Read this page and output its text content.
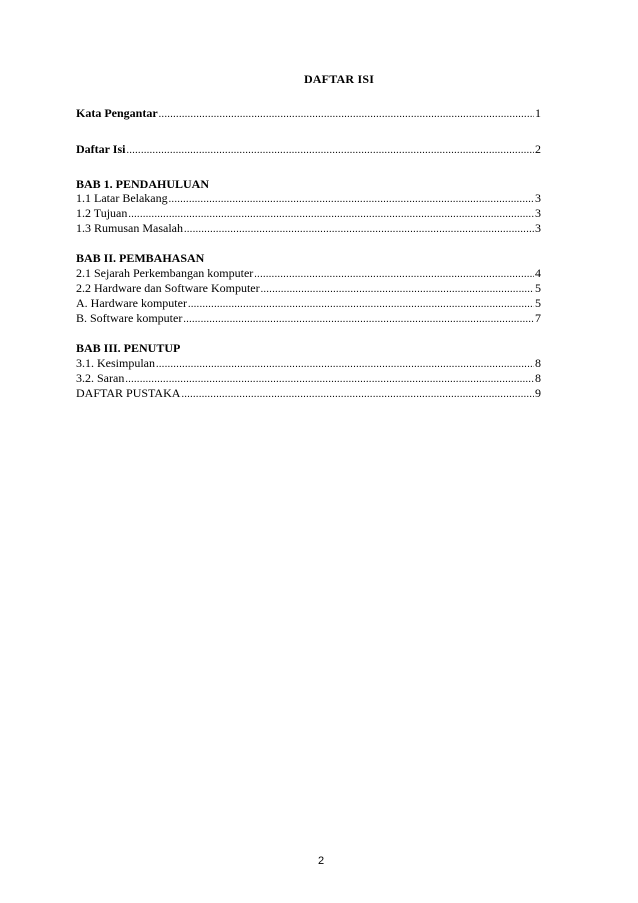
DAFTAR ISI
Kata Pengantar .....	1
Daftar Isi .....	2
BAB 1. PENDAHULUAN
1.1 Latar Belakang .....	3
1.2 Tujuan .....	3
1.3 Rumusan Masalah .....	3
BAB II. PEMBAHASAN
2.1 Sejarah Perkembangan komputer .....	4
2.2 Hardware dan Software Komputer .....	5
A. Hardware komputer .....	5
B. Software komputer .....	7
BAB III. PENUTUP
3.1. Kesimpulan .....	8
3.2. Saran .....	8
DAFTAR PUSTAKA .....	9
2
